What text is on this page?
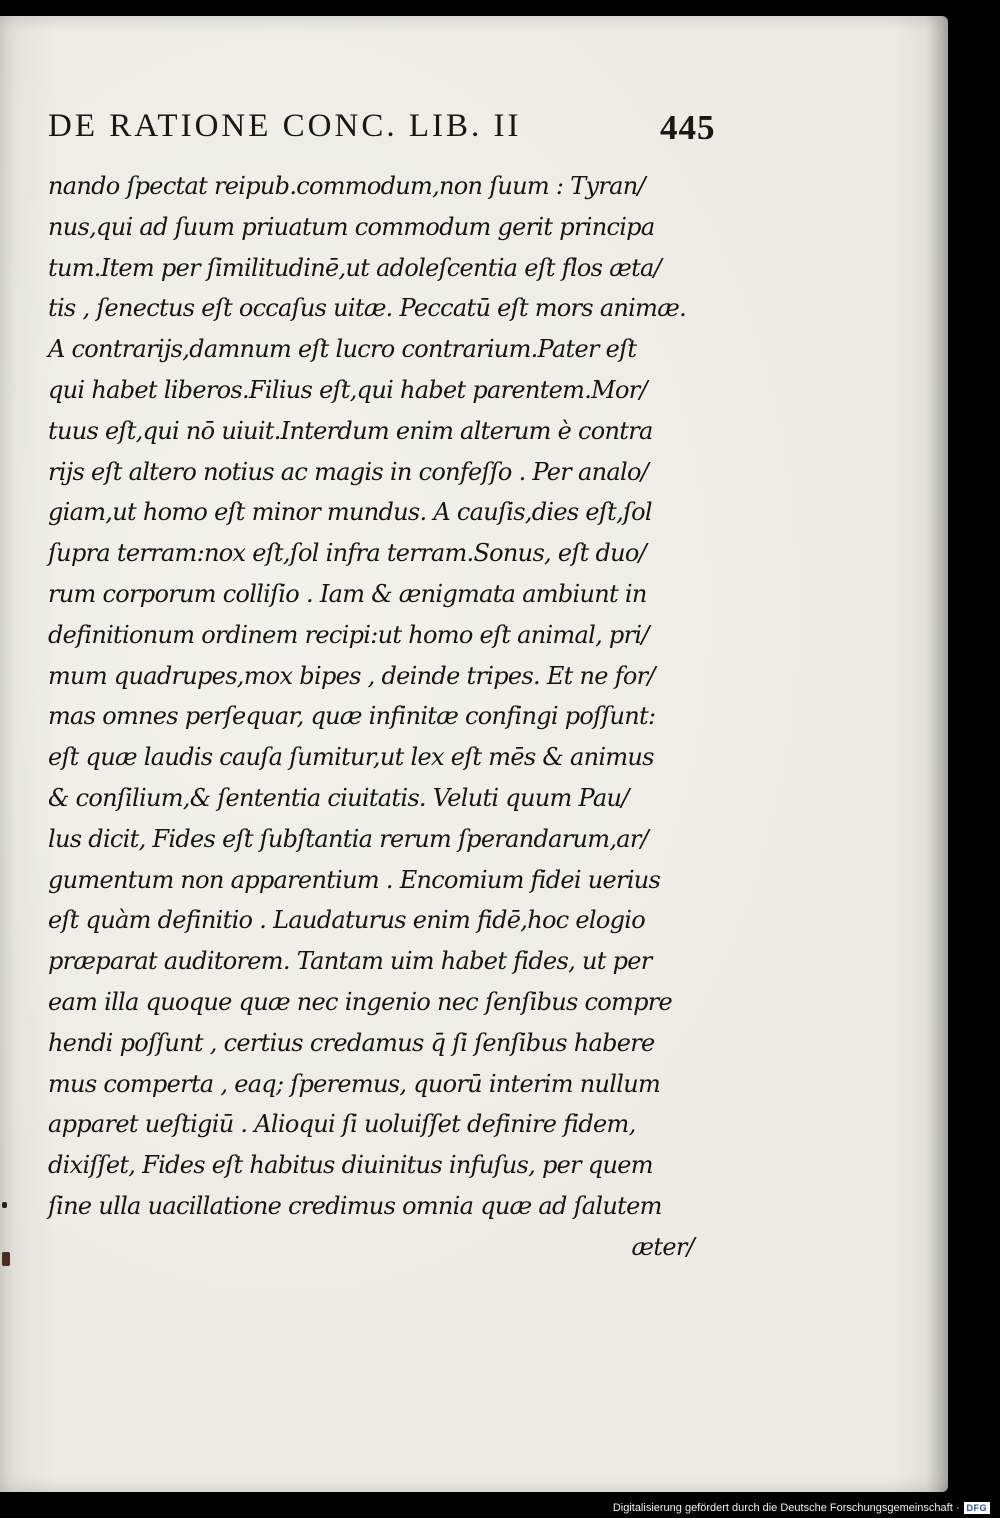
DE RATIONE CONC. LIB. II	445
nando ſpectat reipub.commodum,non ſuum : Tyran/
nus,qui ad ſuum priuatum commodum gerit principa
tum.Item per ſimilitudinē,ut adoleſcentia eſt flos æta/
tis , ſenectus eſt occaſus uitæ. Peccatū eſt mors animæ.
A contrarijs,damnum eſt lucro contrarium.Pater eſt
qui habet liberos.Filius eſt,qui habet parentem.Mor/
tuus eſt,qui nō uiuit.Interdum enim alterum è contra
rijs eſt altero notius ac magis in confeſſo . Per analo/
giam,ut homo eſt minor mundus. A cauſis,dies eſt,ſol
ſupra terram:nox eſt,ſol infra terram.Sonus, eſt duo/
rum corporum colliſio . Iam & ænigmata ambiunt in
definitionum ordinem recipi:ut homo eſt animal, pri/
mum quadrupes,mox bipes , deinde tripes. Et ne for/
mas omnes perſequar, quæ infinitæ confingi poſſunt:
eſt quæ laudis cauſa ſumitur,ut lex eſt mēs & animus
& conſilium,& ſententia ciuitatis. Veluti quum Pau/
lus dicit, Fides eſt ſubſtantia rerum ſperandarum,ar/
gumentum non apparentium . Encomium fidei uerius
eſt quàm definitio . Laudaturus enim fidē,hoc elogio
præparat auditorem. Tantam uim habet fides, ut per
eam illa quoque quæ nec ingenio nec ſenſibus compre
hendi poſſunt , certius credamus q̄ ſi ſenſibus habere
mus comperta , eaq; ſperemus, quorū interim nullum
apparet ueſtigiū . Alioqui ſi uoluiſſet definire fidem,
dixiſſet, Fides eſt habitus diuinitus infuſus, per quem
ſine ulla uacillatione credimus omnia quæ ad ſalutem
æter/
Digitalisierung gefördert durch die Deutsche Forschungsgemeinschaft · DFG
